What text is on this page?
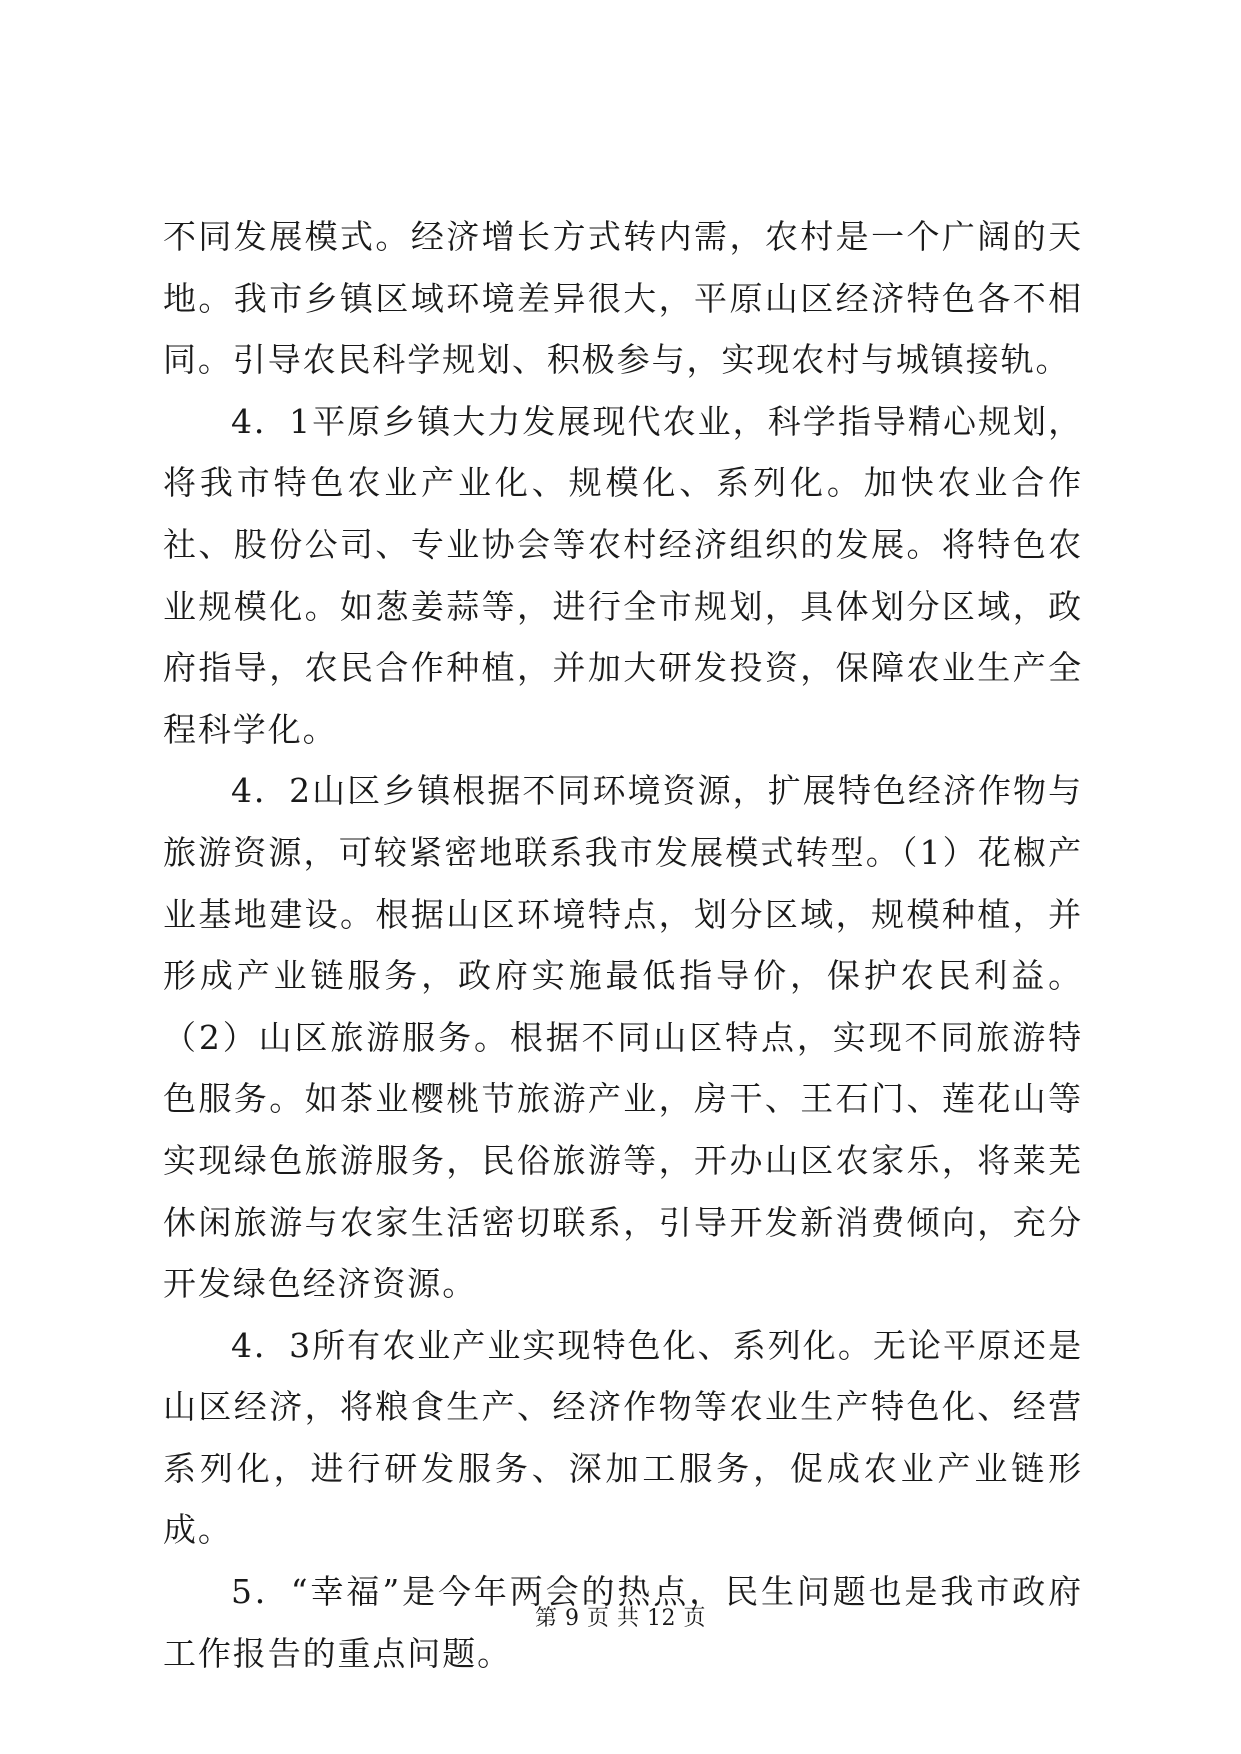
不同发展模式。经济增长方式转内需，农村是一个广阔的天地。我市乡镇区域环境差异很大，平原山区经济特色各不相同。引导农民科学规划、积极参与，实现农村与城镇接轨。

4．1平原乡镇大力发展现代农业，科学指导精心规划，将我市特色农业产业化、规模化、系列化。加快农业合作社、股份公司、专业协会等农村经济组织的发展。将特色农业规模化。如葱姜蒜等，进行全市规划，具体划分区域，政府指导，农民合作种植，并加大研发投资，保障农业生产全程科学化。

4．2山区乡镇根据不同环境资源，扩展特色经济作物与旅游资源，可较紧密地联系我市发展模式转型。（1）花椒产业基地建设。根据山区环境特点，划分区域，规模种植，并形成产业链服务，政府实施最低指导价，保护农民利益。（2）山区旅游服务。根据不同山区特点，实现不同旅游特色服务。如茶业樱桃节旅游产业，房干、王石门、莲花山等实现绿色旅游服务，民俗旅游等，开办山区农家乐，将莱芜休闲旅游与农家生活密切联系，引导开发新消费倾向，充分开发绿色经济资源。

4．3所有农业产业实现特色化、系列化。无论平原还是山区经济，将粮食生产、经济作物等农业生产特色化、经营系列化，进行研发服务、深加工服务，促成农业产业链形成。

5．“幸福”是今年两会的热点，民生问题也是我市政府工作报告的重点问题。

第 9 页 共 12 页
